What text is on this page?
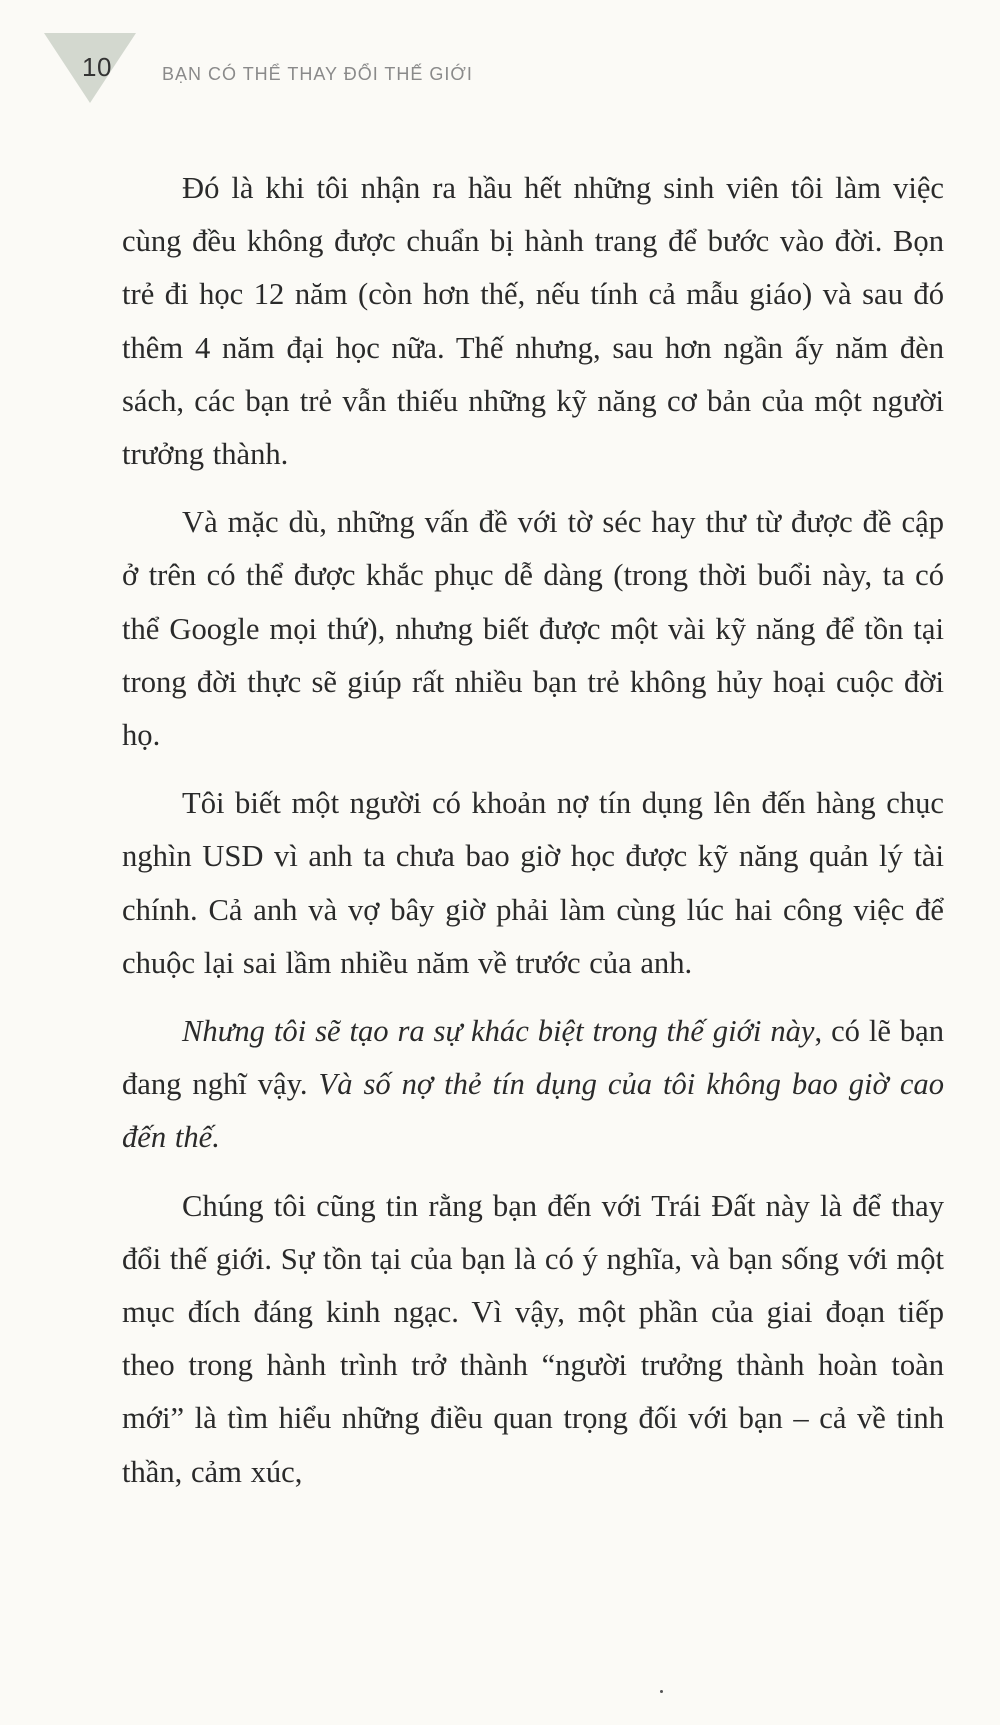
10	BẠN CÓ THỂ THAY ĐỔI THẾ GIỚI

Đó là khi tôi nhận ra hầu hết những sinh viên tôi làm việc cùng đều không được chuẩn bị hành trang để bước vào đời. Bọn trẻ đi học 12 năm (còn hơn thế, nếu tính cả mẫu giáo) và sau đó thêm 4 năm đại học nữa. Thế nhưng, sau hơn ngần ấy năm đèn sách, các bạn trẻ vẫn thiếu những kỹ năng cơ bản của một người trưởng thành.

Và mặc dù, những vấn đề với tờ séc hay thư từ được đề cập ở trên có thể được khắc phục dễ dàng (trong thời buổi này, ta có thể Google mọi thứ), nhưng biết được một vài kỹ năng để tồn tại trong đời thực sẽ giúp rất nhiều bạn trẻ không hủy hoại cuộc đời họ.

Tôi biết một người có khoản nợ tín dụng lên đến hàng chục nghìn USD vì anh ta chưa bao giờ học được kỹ năng quản lý tài chính. Cả anh và vợ bây giờ phải làm cùng lúc hai công việc để chuộc lại sai lầm nhiều năm về trước của anh.

Nhưng tôi sẽ tạo ra sự khác biệt trong thế giới này, có lẽ bạn đang nghĩ vậy. Và số nợ thẻ tín dụng của tôi không bao giờ cao đến thế.

Chúng tôi cũng tin rằng bạn đến với Trái Đất này là để thay đổi thế giới. Sự tồn tại của bạn là có ý nghĩa, và bạn sống với một mục đích đáng kinh ngạc. Vì vậy, một phần của giai đoạn tiếp theo trong hành trình trở thành “người trưởng thành hoàn toàn mới” là tìm hiểu những điều quan trọng đối với bạn – cả về tinh thần, cảm xúc,
